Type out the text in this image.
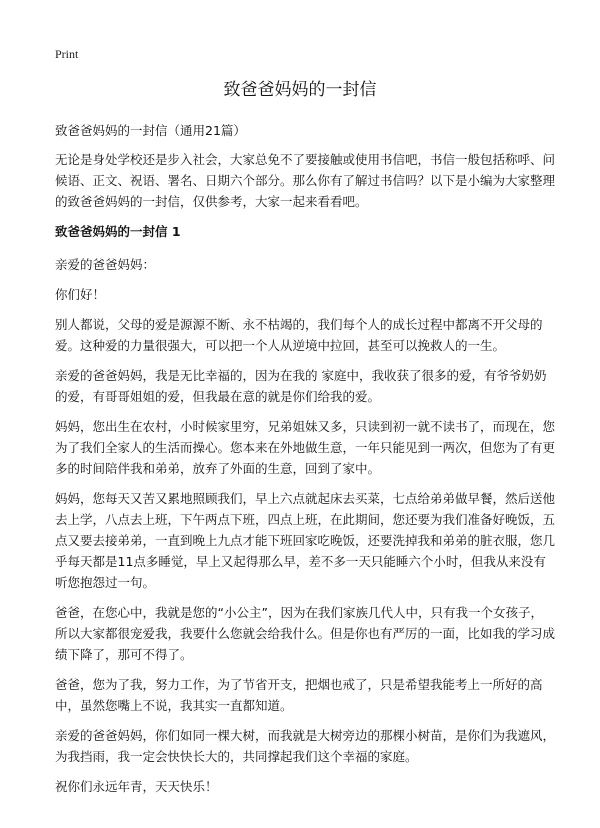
Print
致爸爸妈妈的一封信
致爸爸妈妈的一封信（通用21篇）

无论是身处学校还是步入社会，大家总免不了要接触或使用书信吧，书信一般包括称呼、问候语、正文、祝语、署名、日期六个部分。那么你有了解过书信吗？以下是小编为大家整理的致爸爸妈妈的一封信，仅供参考，大家一起来看看吧。

致爸爸妈妈的一封信 1

亲爱的爸爸妈妈：

你们好！

别人都说，父母的爱是源源不断、永不枯竭的，我们每个人的成长过程中都离不开父母的爱。这种爱的力量很强大，可以把一个人从逆境中拉回，甚至可以挽救人的一生。

亲爱的爸爸妈妈，我是无比幸福的，因为在我的 家庭中，我收获了很多的爱，有爷爷奶奶的爱，有哥哥姐姐的爱，但我最在意的就是你们给我的爱。

妈妈，您出生在农村，小时候家里穷，兄弟姐妹又多，只读到初一就不读书了，而现在，您为了我们全家人的生活而操心。您本来在外地做生意，一年只能见到一两次，但您为了有更多的时间陪伴我和弟弟，放弃了外面的生意，回到了家中。

妈妈，您每天又苦又累地照顾我们，早上六点就起床去买菜，七点给弟弟做早餐，然后送他去上学，八点去上班，下午两点下班，四点上班，在此期间，您还要为我们准备好晚饭，五点又要去接弟弟，一直到晚上九点才能下班回家吃晚饭，还要洗掉我和弟弟的脏衣服，您几乎每天都是11点多睡觉，早上又起得那么早，差不多一天只能睡六个小时，但我从来没有听您抱怨过一句。

爸爸，在您心中，我就是您的“小公主”，因为在我们家族几代人中，只有我一个女孩子，所以大家都很宠爱我，我要什么您就会给我什么。但是你也有严厉的一面，比如我的学习成绩下降了，那可不得了。

爸爸，您为了我，努力工作，为了节省开支，把烟也戒了，只是希望我能考上一所好的高中，虽然您嘴上不说，我其实一直都知道。

亲爱的爸爸妈妈，你们如同一棵大树，而我就是大树旁边的那棵小树苗，是你们为我遮风，为我挡雨，我一定会快快长大的，共同撑起我们这个幸福的家庭。

祝你们永远年青，天天快乐！
